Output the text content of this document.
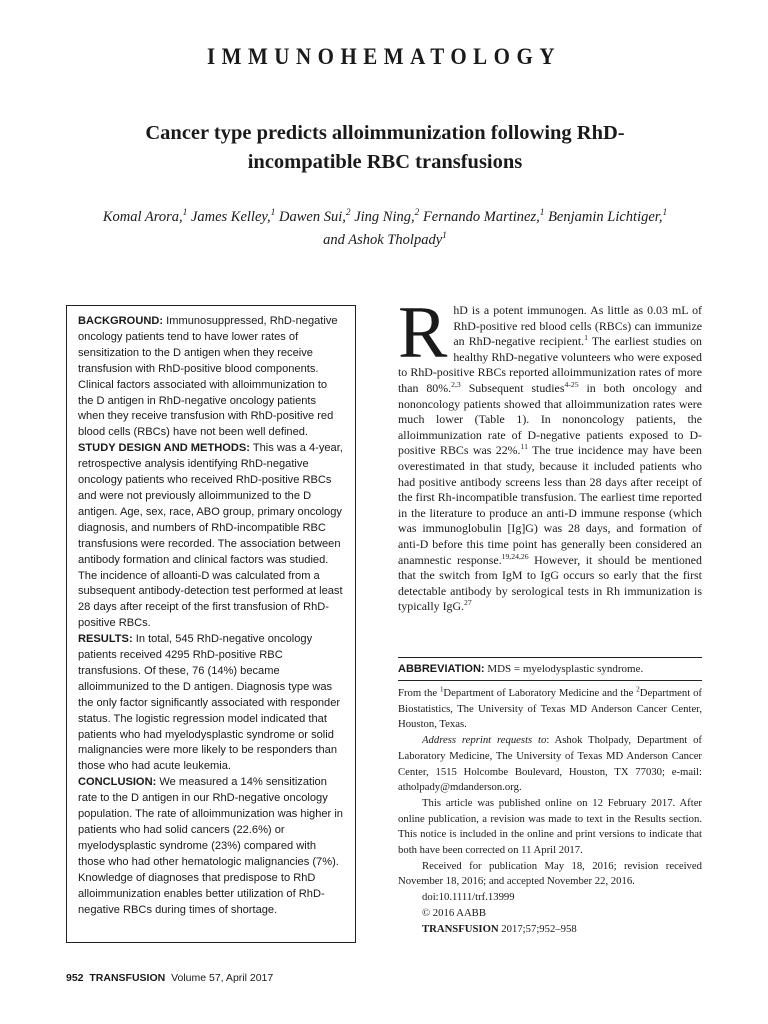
IMMUNOHEMATOLOGY
Cancer type predicts alloimmunization following RhD-
incompatible RBC transfusions
Komal Arora,$^1$ James Kelley,$^1$ Dawen Sui,$^2$ Jing Ning,$^2$ Fernando Martinez,$^1$ Benjamin Lichtiger,$^1$
and Ashok Tholpady$^1$

BACKGROUND: Immunosuppressed, RhD-negative oncology patients tend to have lower rates of sensitization to the D antigen when they receive transfusion with RhD-positive blood components. Clinical factors associated with alloimmunization to the D antigen in RhD-negative oncology patients when they receive transfusion with RhD-positive red blood cells (RBCs) have not been well defined.

STUDY DESIGN AND METHODS: This was a 4-year, retrospective analysis identifying RhD-negative oncology patients who received RhD-positive RBCs and were not previously alloimmunized to the D antigen. Age, sex, race, ABO group, primary oncology diagnosis, and numbers of RhD-incompatible RBC transfusions were recorded. The association between antibody formation and clinical factors was studied. The incidence of alloanti-D was calculated from a subsequent antibody-detection test performed at least 28 days after receipt of the first transfusion of RhD-positive RBCs.

RESULTS: In total, 545 RhD-negative oncology patients received 4295 RhD-positive RBC transfusions. Of these, 76 (14%) became alloimmunized to the D antigen. Diagnosis type was the only factor significantly associated with responder status. The logistic regression model indicated that patients who had myelodysplastic syndrome or solid malignancies were more likely to be responders than those who had acute leukemia.

CONCLUSION: We measured a 14% sensitization rate to the D antigen in our RhD-negative oncology population. The rate of alloimmunization was higher in patients who had solid cancers (22.6%) or myelodysplastic syndrome (23%) compared with those who had other hematologic malignancies (7%). Knowledge of diagnoses that predispose to RhD alloimmunization enables better utilization of RhD-negative RBCs during times of shortage.

RhD is a potent immunogen. As little as 0.03 mL of RhD-positive red blood cells (RBCs) can immunize an RhD-negative recipient.$^1$ The earliest studies on healthy RhD-negative volunteers who were exposed to RhD-positive RBCs reported alloimmunization rates of more than 80%.$^{2,3}$ Subsequent studies$^{4-25}$ in both oncology and nononcology patients showed that alloimmunization rates were much lower (Table 1). In nononcology patients, the alloimmunization rate of D-negative patients exposed to D-positive RBCs was 22%.$^{11}$ The true incidence may have been overestimated in that study, because it included patients who had positive antibody screens less than 28 days after receipt of the first Rh-incompatible transfusion. The earliest time reported in the literature to produce an anti-D immune response (which was immunoglobulin [Ig]G) was 28 days, and formation of anti-D before this time point has generally been considered an anamnestic response.$^{19,24,26}$ However, it should be mentioned that the switch from IgM to IgG occurs so early that the first detectable antibody by serological tests in Rh immunization is typically IgG.$^{27}$

ABBREVIATION: MDS = myelodysplastic syndrome.

From the $^1$Department of Laboratory Medicine and the $^2$Department of Biostatistics, The University of Texas MD Anderson Cancer Center, Houston, Texas.

Address reprint requests to: Ashok Tholpady, Department of Laboratory Medicine, The University of Texas MD Anderson Cancer Center, 1515 Holcombe Boulevard, Houston, TX 77030; e-mail: atholpady@mdanderson.org.

This article was published online on 12 February 2017. After online publication, a revision was made to text in the Results section. This notice is included in the online and print versions to indicate that both have been corrected on 11 April 2017.

Received for publication May 18, 2016; revision received November 18, 2016; and accepted November 22, 2016.

doi:10.1111/trf.13999

© 2016 AABB

TRANSFUSION 2017;57;952–958

952 TRANSFUSION Volume 57, April 2017
